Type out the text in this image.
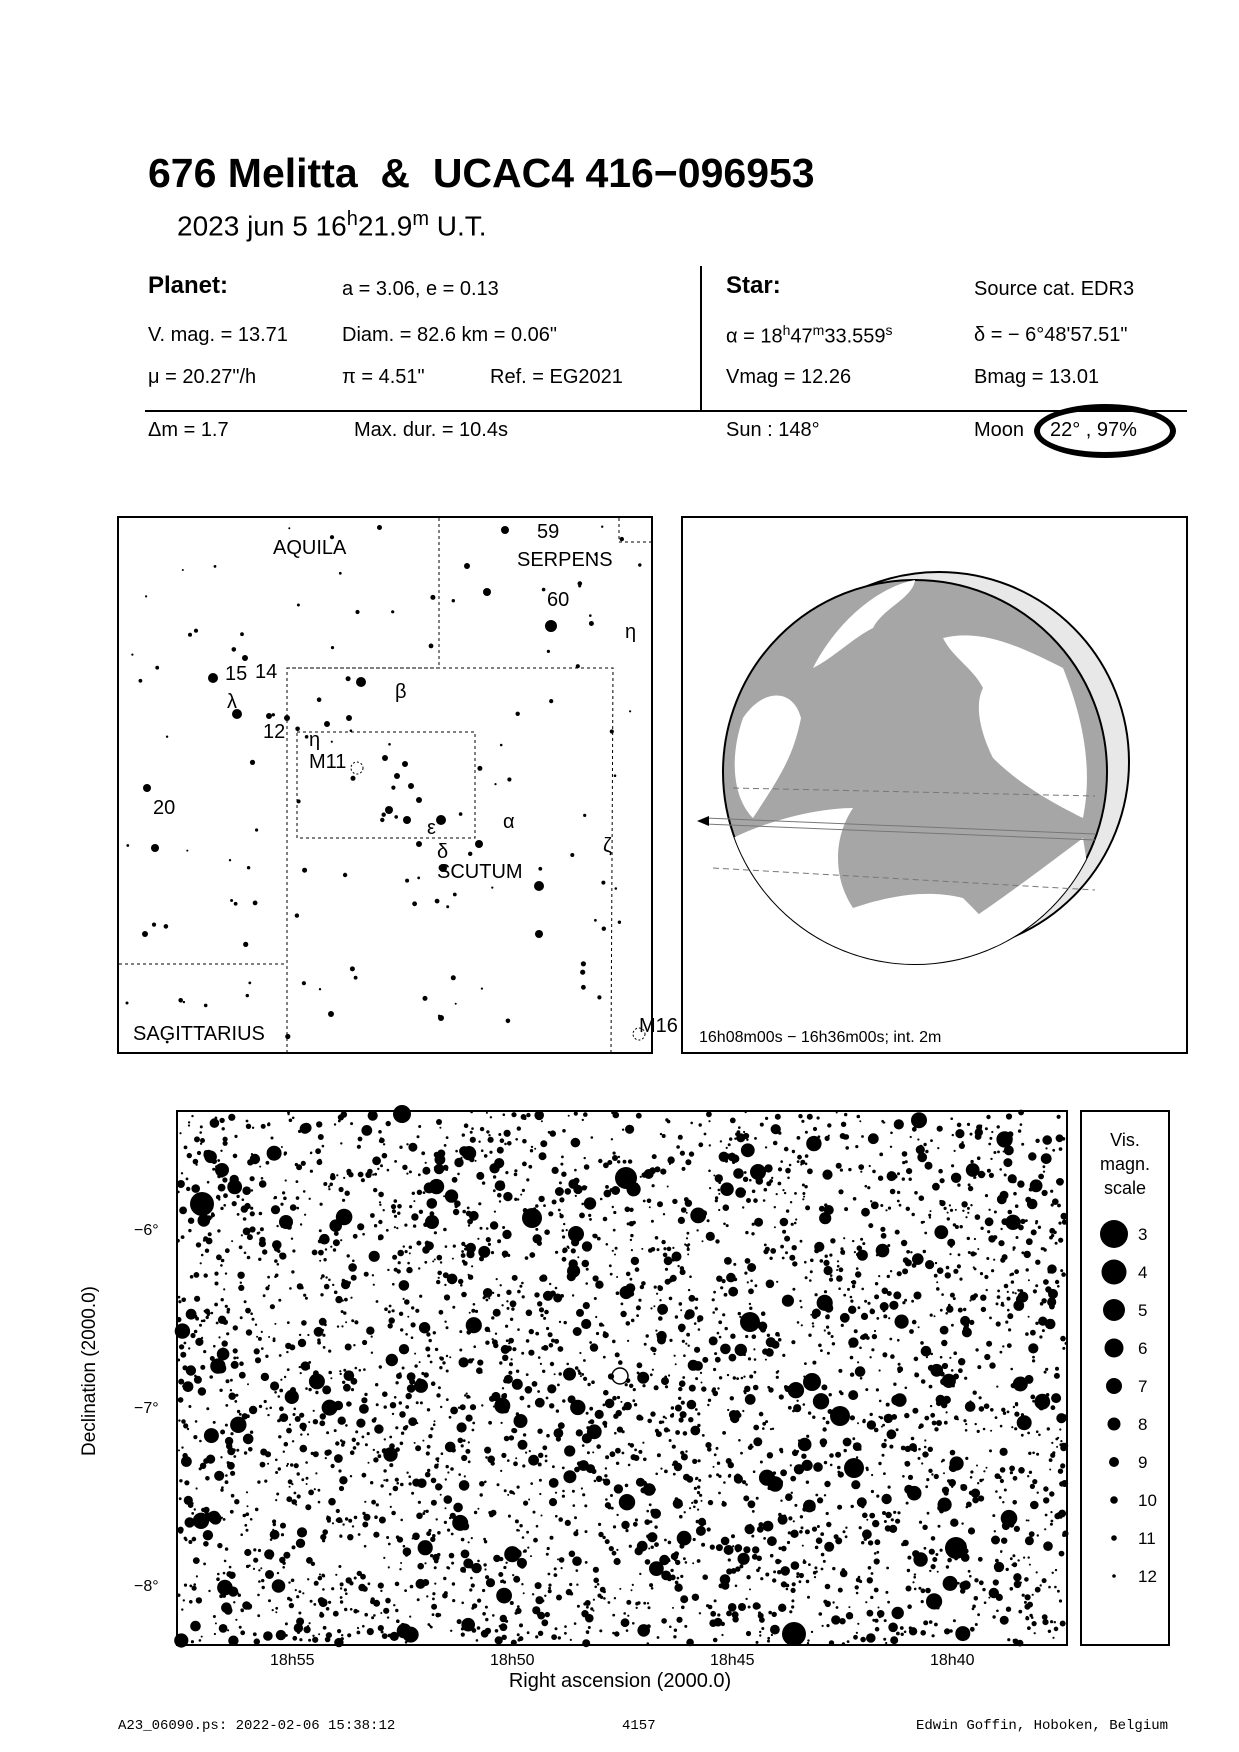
676 Melitta  &  UCAC4 416−096953
2023 jun 5 16$^h$21.9$^m$ U.T.
Planet:	a = 3.06, e = 0.13
V. mag. = 13.71	Diam. = 82.6 km = 0.06"
μ = 20.27"/h	π = 4.51"	Ref. = EG2021
Δm = 1.7	Max. dur. = 10.4s
Star:	Source cat. EDR3
$\alpha = 18^h47^m33.559^s$	δ = − 6°48'57.51"
Vmag = 12.26	Bmag = 13.01
Sun : 148°	Moon 22° , 97%
AQUILA
SERPENS
SCUTUM
SAGITTARIUS
M11
M16
59
60
15 14
12
20
η
λ	β
η
α
ε
δ	ζ
16h08m00s − 16h36m00s; int. 2m
−6°
−7°
−8°
18h55	18h50	18h45	18h40
Declination (2000.0)
Right ascension (2000.0)
Vis.
magn.
scale
3
4
5
6
7
8
9
10
11
12
A23_06090.ps: 2022-02-06 15:38:12	4157	Edwin Goffin, Hoboken, Belgium
